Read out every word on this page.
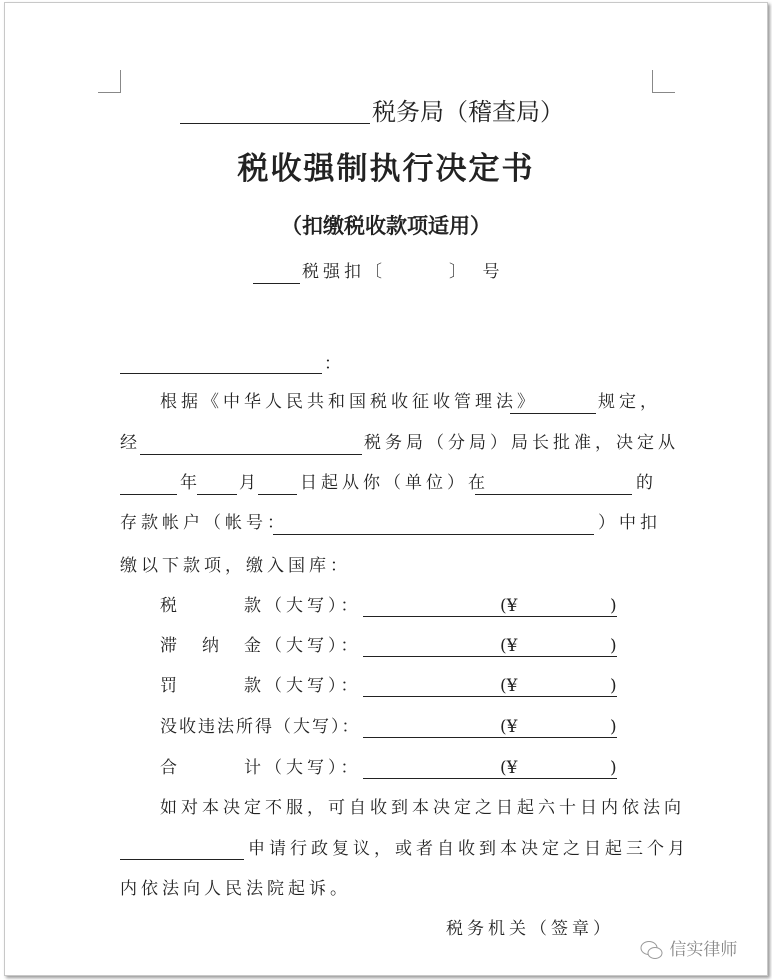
税务局（稽查局）
税收强制执行决定书
（扣缴税收款项适用）
税强扣〔　　　〕　号
：
根据《中华人民共和国税收征收管理法》	规定，
经	税务局（分局）局长批准，决定从
年 月	日起从你（单位）在	的
存款帐户（帐号：	）中扣
缴以下款项，缴入国库：
税　　　款（大写）：	(¥	)
滞　纳　金（大写）：	(¥	)
罚　　　款（大写）：	(¥	)
没收违法所得（大写）：	(¥	)
合　　　计（大写）：	(¥	)
如对本决定不服，可自收到本决定之日起六十日内依法向
申请行政复议，或者自收到本决定之日起三个月
内依法向人民法院起诉。
税务机关（签章）
信实律师
